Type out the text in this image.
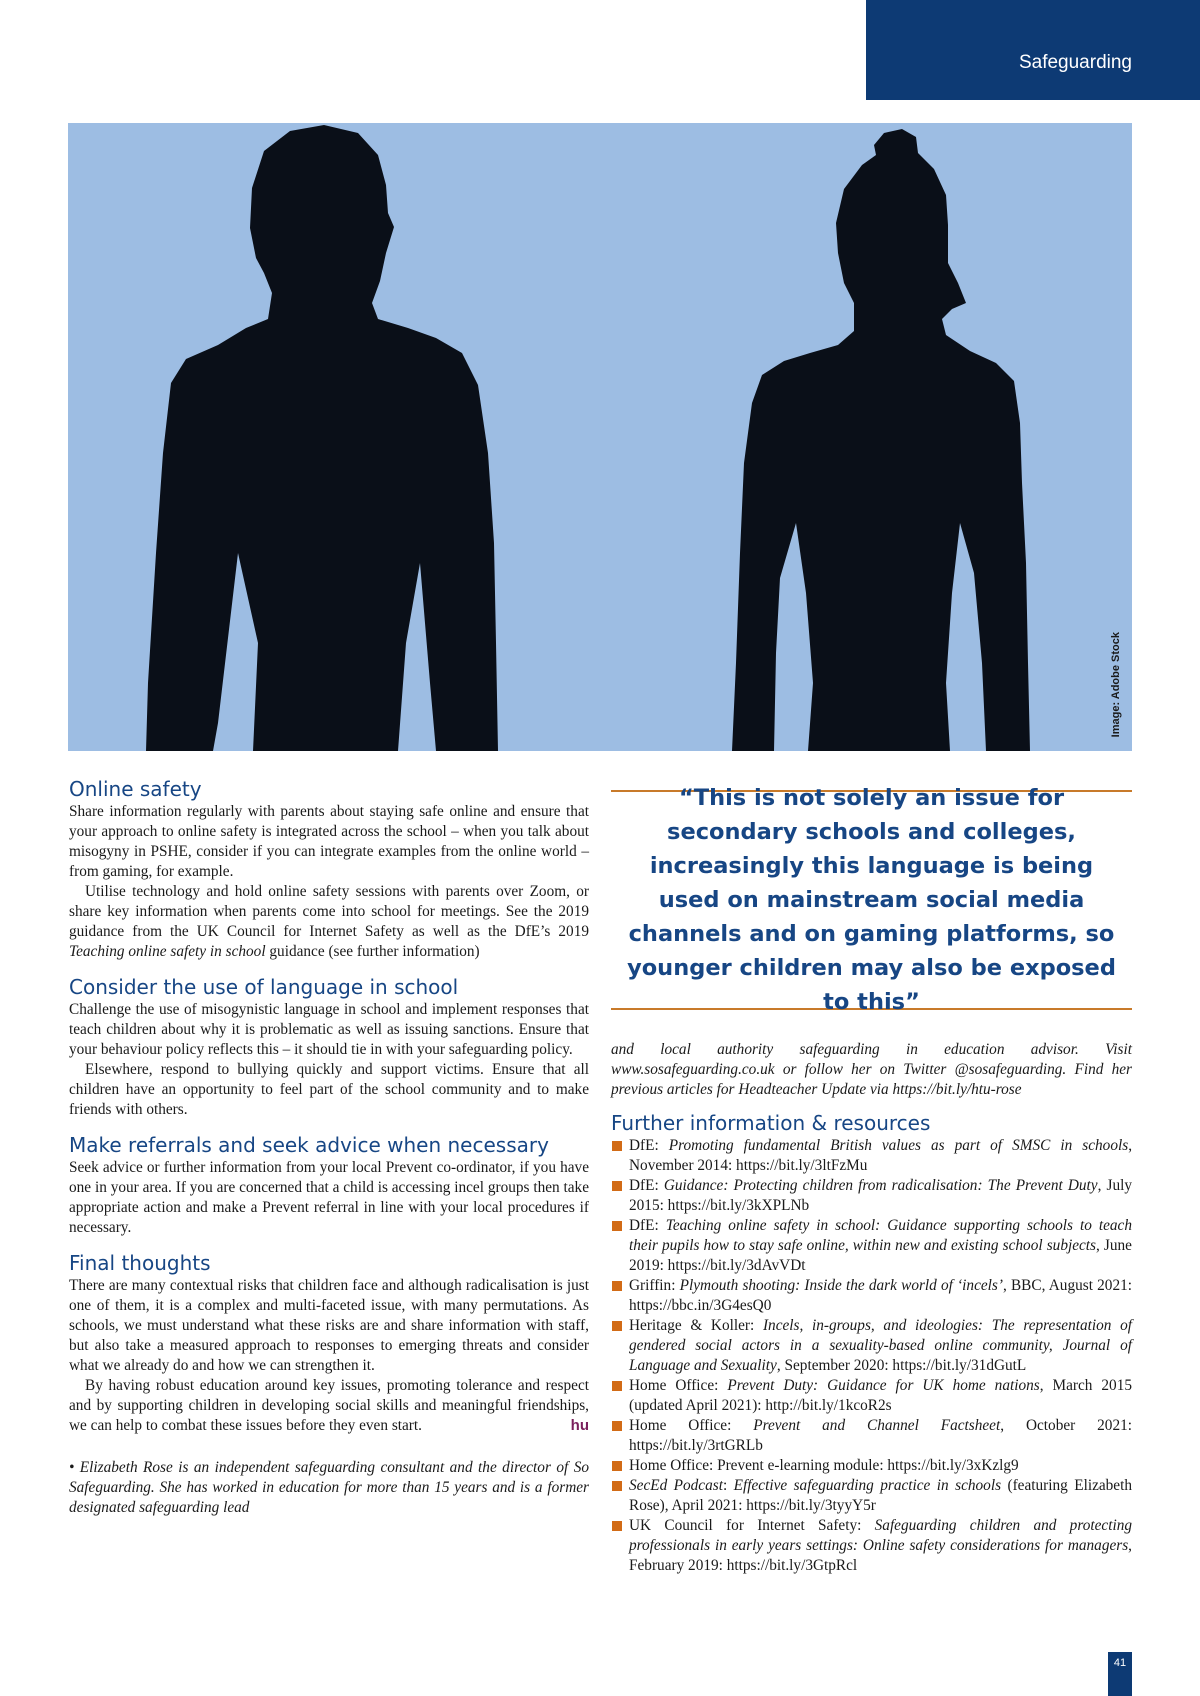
Safeguarding
Image: Adobe Stock
Online safety

Share information regularly with parents about staying safe online and ensure that your approach to online safety is integrated across the school – when you talk about misogyny in PSHE, consider if you can integrate examples from the online world – from gaming, for example.

Utilise technology and hold online safety sessions with parents over Zoom, or share key information when parents come into school for meetings. See the 2019 guidance from the UK Council for Internet Safety as well as the DfE’s 2019 Teaching online safety in school guidance (see further information)

Consider the use of language in school

Challenge the use of misogynistic language in school and implement responses that teach children about why it is problematic as well as issuing sanctions. Ensure that your behaviour policy reflects this – it should tie in with your safeguarding policy.

Elsewhere, respond to bullying quickly and support victims. Ensure that all children have an opportunity to feel part of the school community and to make friends with others.

Make referrals and seek advice when necessary

Seek advice or further information from your local Prevent co-ordinator, if you have one in your area. If you are concerned that a child is accessing incel groups then take appropriate action and make a Prevent referral in line with your local procedures if necessary.

Final thoughts

There are many contextual risks that children face and although radicalisation is just one of them, it is a complex and multi-faceted issue, with many permutations. As schools, we must understand what these risks are and share information with staff, but also take a measured approach to responses to emerging threats and consider what we already do and how we can strengthen it.

By having robust education around key issues, promoting tolerance and respect and by supporting children in developing social skills and meaningful friendships, we can help to combat these issues before they even start.	hu

• Elizabeth Rose is an independent safeguarding consultant and the director of So Safeguarding. She has worked in education for more than 15 years and is a former designated safeguarding lead

“This is not solely an issue for secondary schools and colleges, increasingly this language is being used on mainstream social media channels and on gaming platforms, so younger children may also be exposed to this”

and local authority safeguarding in education advisor. Visit www.sosafeguarding.co.uk or follow her on Twitter @sosafeguarding. Find her previous articles for Headteacher Update via https://bit.ly/htu-rose

Further information & resources
DfE: Promoting fundamental British values as part of SMSC in schools, November 2014: https://bit.ly/3ltFzMu
DfE: Guidance: Protecting children from radicalisation: The Prevent Duty, July 2015: https://bit.ly/3kXPLNb
DfE: Teaching online safety in school: Guidance supporting schools to teach their pupils how to stay safe online, within new and existing school subjects, June 2019: https://bit.ly/3dAvVDt
Griffin: Plymouth shooting: Inside the dark world of ‘incels’, BBC, August 2021: https://bbc.in/3G4esQ0
Heritage & Koller: Incels, in-groups, and ideologies: The representation of gendered social actors in a sexuality-based online community, Journal of Language and Sexuality, September 2020: https://bit.ly/31dGutL
Home Office: Prevent Duty: Guidance for UK home nations, March 2015 (updated April 2021): http://bit.ly/1kcoR2s
Home Office: Prevent and Channel Factsheet, October 2021: https://bit.ly/3rtGRLb
Home Office: Prevent e-learning module: https://bit.ly/3xKzlg9
SecEd Podcast: Effective safeguarding practice in schools (featuring Elizabeth Rose), April 2021: https://bit.ly/3tyyY5r
UK Council for Internet Safety: Safeguarding children and protecting professionals in early years settings: Online safety considerations for managers, February 2019: https://bit.ly/3GtpRcl
41
